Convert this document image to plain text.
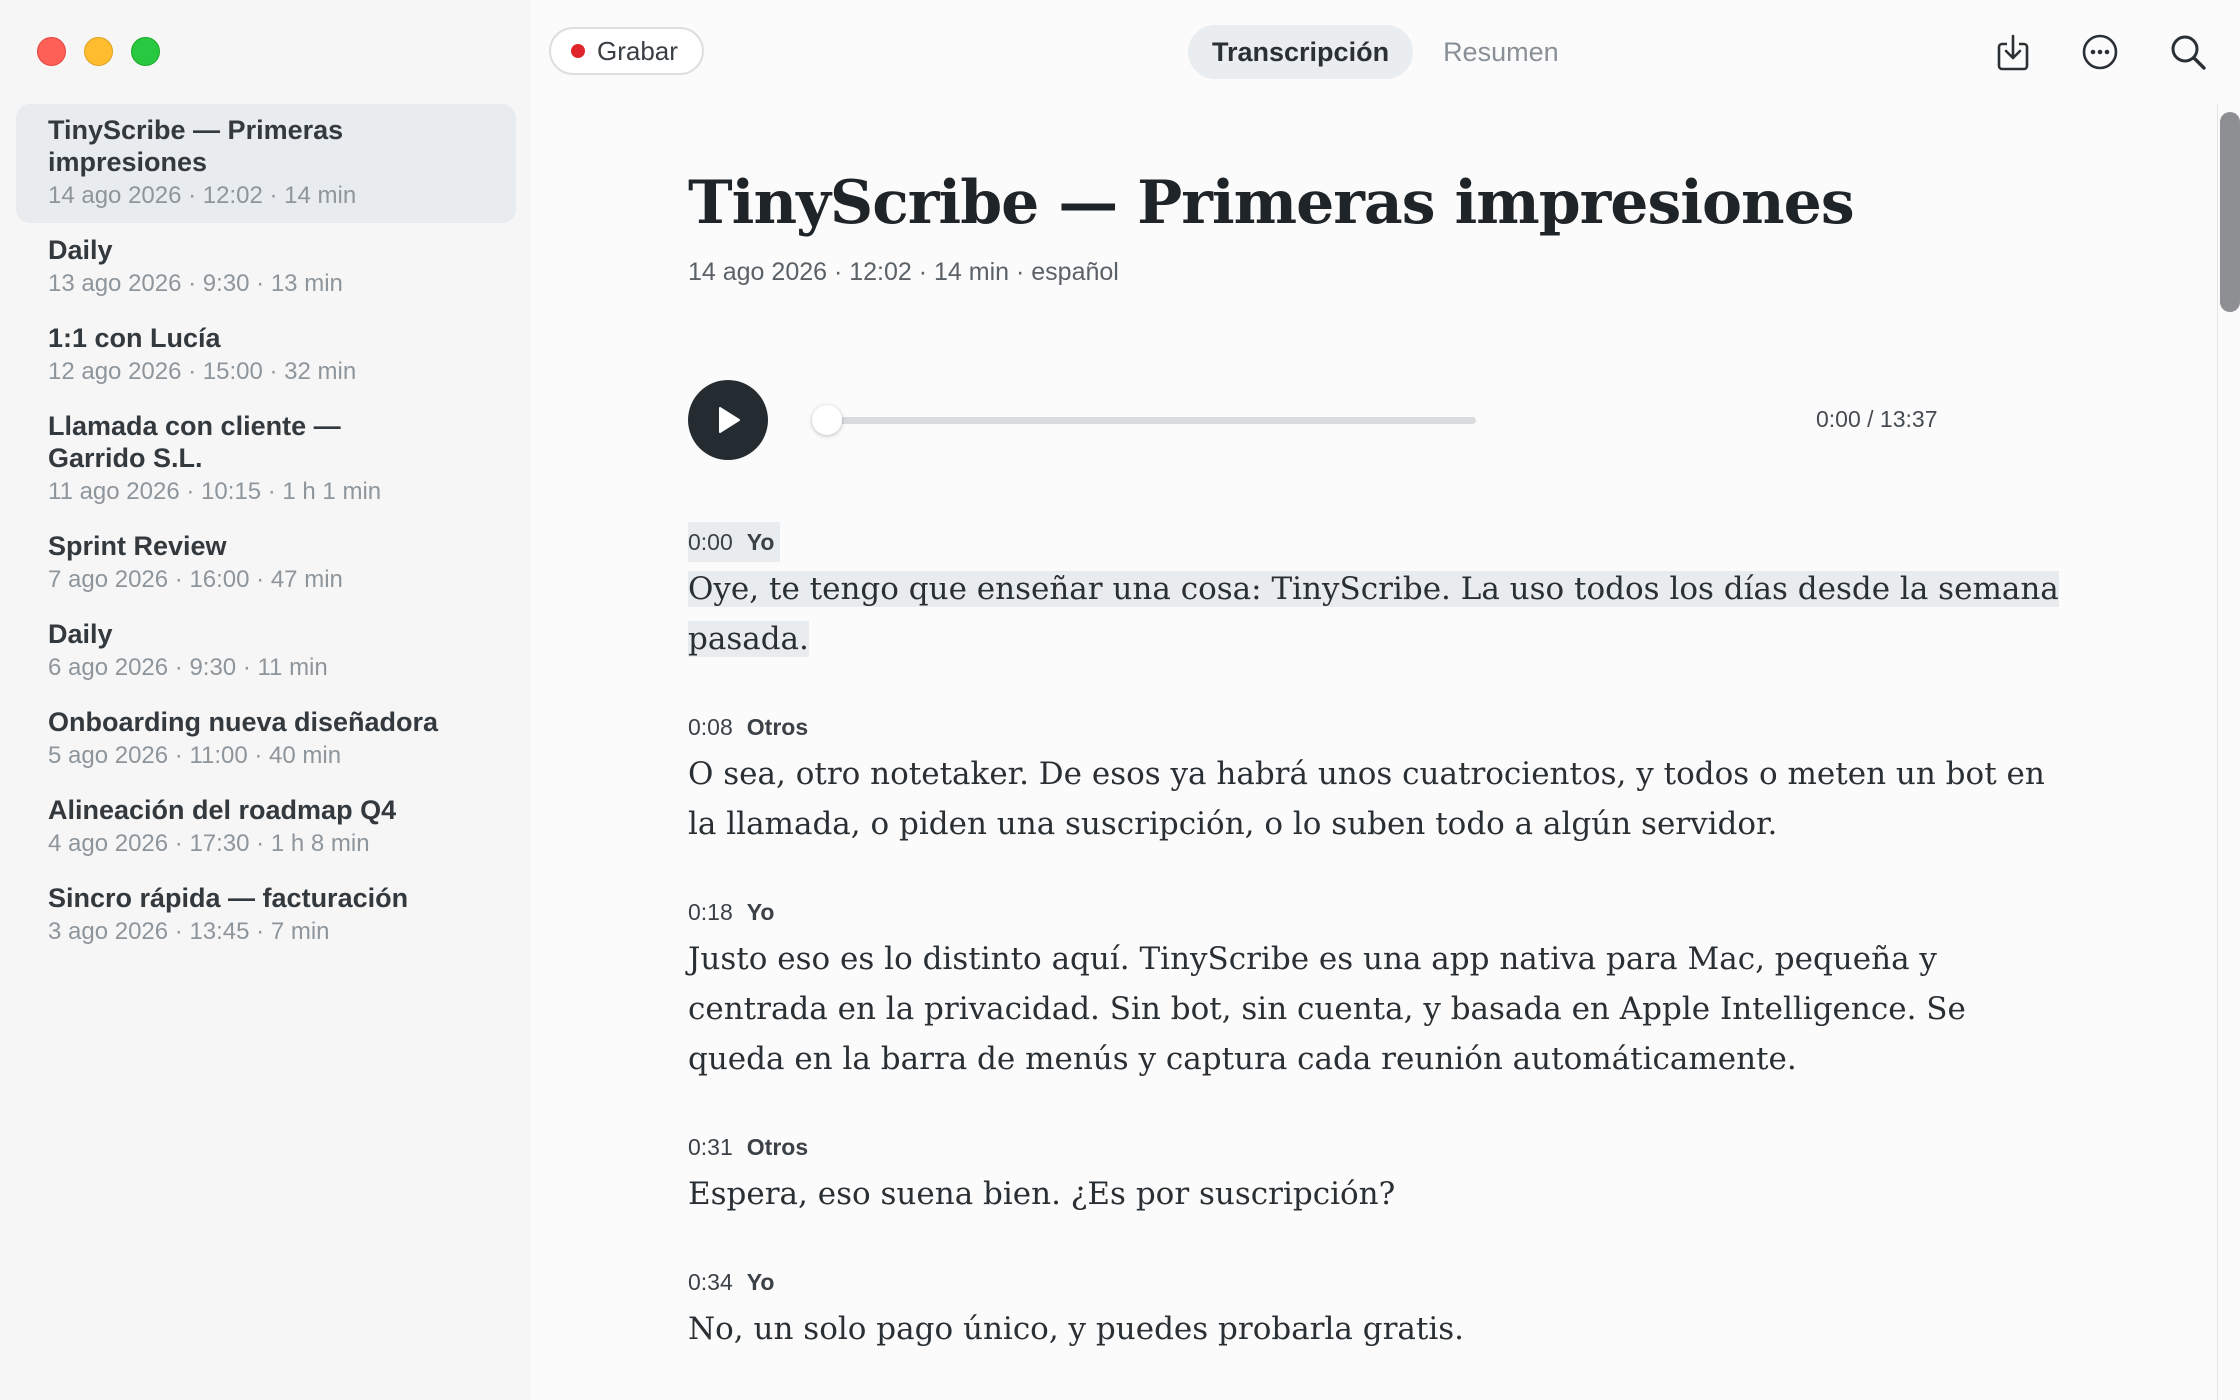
TinyScribe — Primeras impresiones
14 ago 2026 · 12:02 · 14 min
Daily
13 ago 2026 · 9:30 · 13 min
1:1 con Lucía
12 ago 2026 · 15:00 · 32 min
Llamada con cliente — Garrido S.L.
11 ago 2026 · 10:15 · 1 h 1 min
Sprint Review
7 ago 2026 · 16:00 · 47 min
Daily
6 ago 2026 · 9:30 · 11 min
Onboarding nueva diseñadora
5 ago 2026 · 11:00 · 40 min
Alineación del roadmap Q4
4 ago 2026 · 17:30 · 1 h 8 min
Sincro rápida — facturación
3 ago 2026 · 13:45 · 7 min
Grabar	Transcripción	Resumen
TinyScribe — Primeras impresiones
14 ago 2026 · 12:02 · 14 min · español
0:00 / 13:37
0:00 Yo
Oye, te tengo que enseñar una cosa: TinyScribe. La uso todos los días desde la semana pasada.
0:08 Otros
O sea, otro notetaker. De esos ya habrá unos cuatrocientos, y todos o meten un bot en la llamada, o piden una suscripción, o lo suben todo a algún servidor.
0:18 Yo
Justo eso es lo distinto aquí. TinyScribe es una app nativa para Mac, pequeña y centrada en la privacidad. Sin bot, sin cuenta, y basada en Apple Intelligence. Se queda en la barra de menús y captura cada reunión automáticamente.
0:31 Otros
Espera, eso suena bien. ¿Es por suscripción?
0:34 Yo
No, un solo pago único, y puedes probarla gratis.
